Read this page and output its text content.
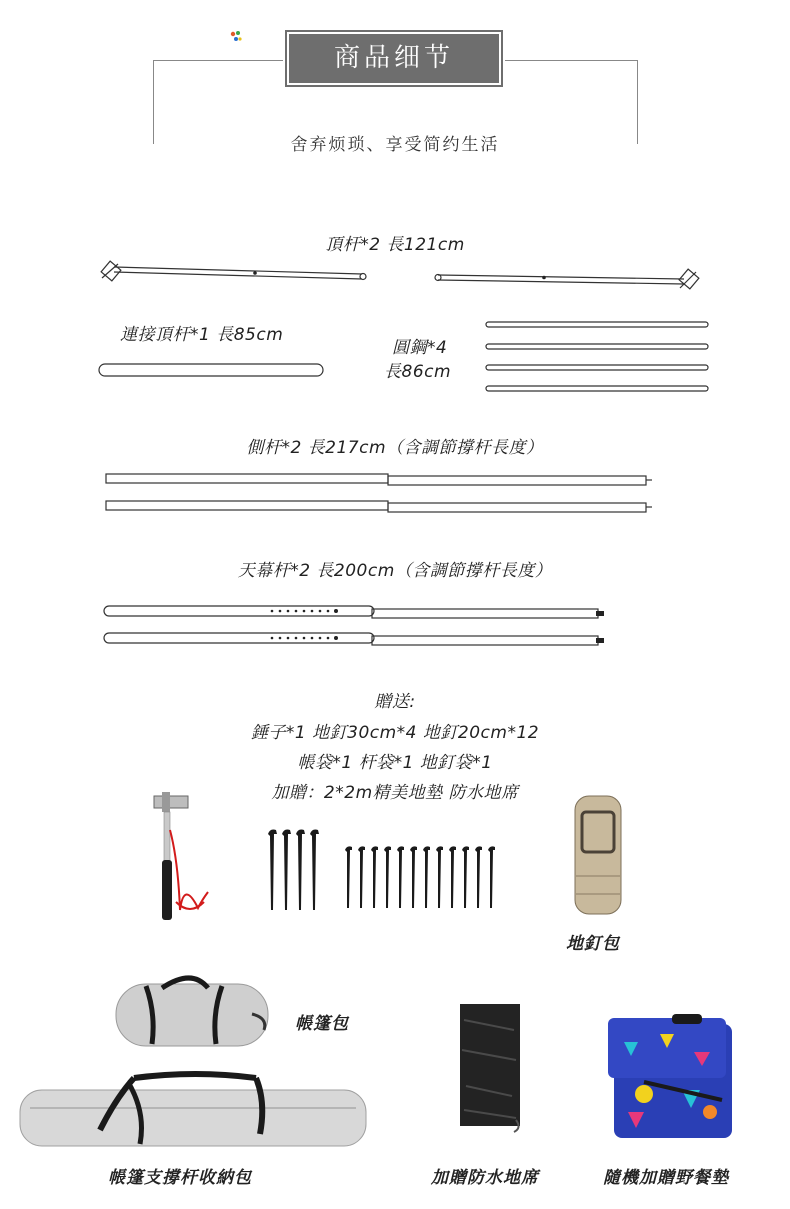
商品细节
舍弃烦琐、享受简约生活
頂杆*2 長121cm
連接頂杆*1 長85cm
圓鋼*4
長86cm
側杆*2 長217cm（含調節撐杆長度）
天幕杆*2 長200cm（含調節撐杆長度）
贈送:
錘子*1 地釘30cm*4 地釘20cm*12
帳袋*1 杆袋*1 地釘袋*1
加贈：2*2m精美地墊 防水地席
地釘包
帳篷包
帳篷支撐杆收納包	加贈防水地席	隨機加贈野餐墊
